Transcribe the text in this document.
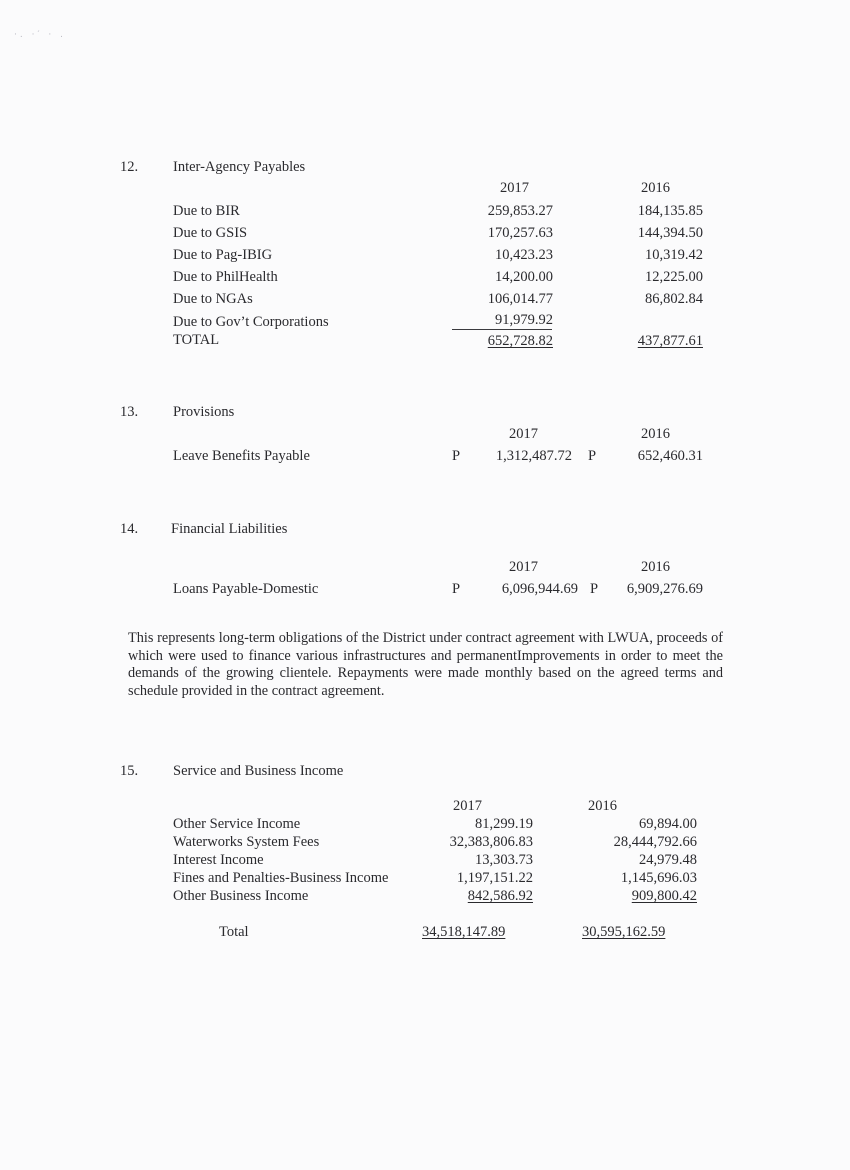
·. ·′ · .
12. Inter-Agency Payables
2017	2016
Due to BIR	259,853.27	184,135.85
Due to GSIS	170,257.63	144,394.50
Due to Pag-IBIG	10,423.23	10,319.42
Due to PhilHealth	14,200.00	12,225.00
Due to NGAs	106,014.77	86,802.84
Due to Gov’t Corporations	91,979.92
TOTAL	652,728.82	437,877.61
13. Provisions
2017	2016
Leave Benefits Payable	P	1,312,487.72 P	652,460.31
14. Financial Liabilities
2017	2016
Loans Payable-Domestic	P	6,096,944.69 P	6,909,276.69
This represents long-term obligations of the District under contract agreement with LWUA, proceeds of which were used to finance various infrastructures and permanentImprovements in order to meet the demands of the growing clientele. Repayments were made monthly based on the agreed terms and schedule provided in the contract agreement.
15. Service and Business Income
2017	2016
Other Service Income	81,299.19	69,894.00
Waterworks System Fees	32,383,806.83	28,444,792.66
Interest Income	13,303.73	24,979.48
Fines and Penalties-Business Income	1,197,151.22	1,145,696.03
Other Business Income	842,586.92	909,800.42
Total	34,518,147.89	30,595,162.59
